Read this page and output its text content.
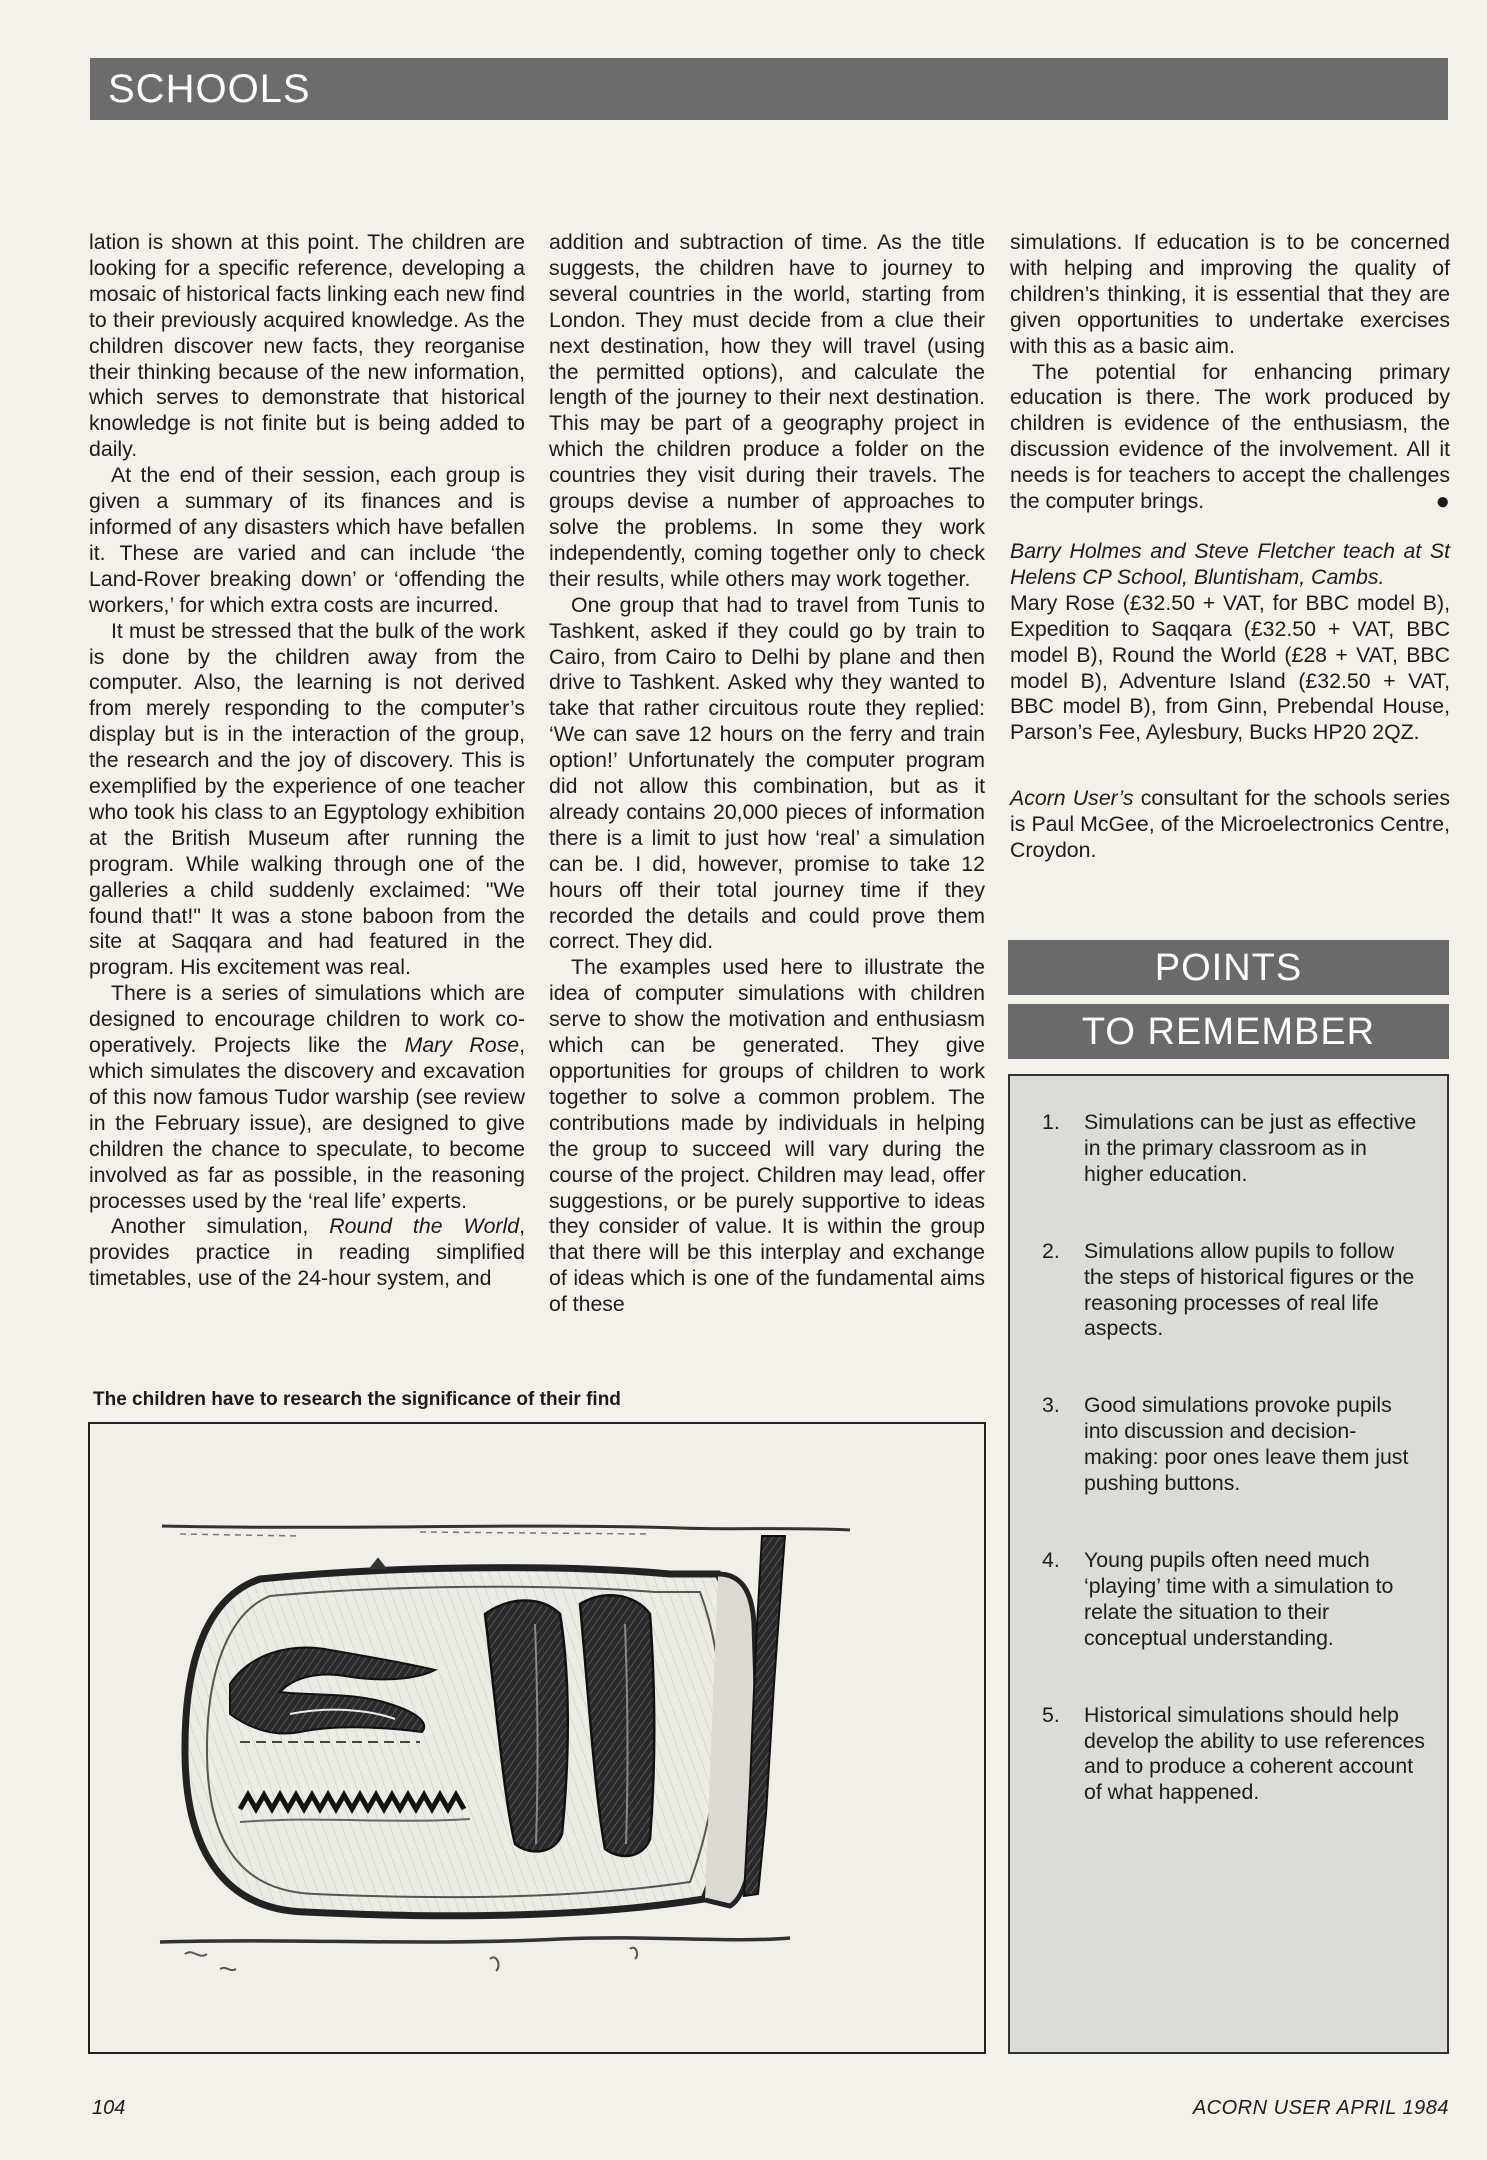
SCHOOLS

lation is shown at this point. The children are looking for a specific reference, developing a mosaic of historical facts linking each new find to their previously acquired knowledge. As the children discover new facts, they reorganise their thinking because of the new information, which serves to demonstrate that historical knowledge is not finite but is being added to daily.

At the end of their session, each group is given a summary of its finances and is informed of any disasters which have befallen it. These are varied and can include ‘the Land-Rover breaking down’ or ‘offending the workers,’ for which extra costs are incurred.

It must be stressed that the bulk of the work is done by the children away from the computer. Also, the learning is not derived from merely responding to the computer’s display but is in the interaction of the group, the research and the joy of discovery. This is exemplified by the experience of one teacher who took his class to an Egyptology exhibition at the British Museum after running the program. While walking through one of the galleries a child suddenly exclaimed: "We found that!" It was a stone baboon from the site at Saqqara and had featured in the program. His excitement was real.

There is a series of simulations which are designed to encourage children to work co-operatively. Projects like the Mary Rose, which simulates the discovery and excavation of this now famous Tudor warship (see review in the February issue), are designed to give children the chance to speculate, to become involved as far as possible, in the reasoning processes used by the ‘real life’ experts.

Another simulation, Round the World, provides practice in reading simplified timetables, use of the 24-hour system, and

addition and subtraction of time. As the title suggests, the children have to journey to several countries in the world, starting from London. They must decide from a clue their next destination, how they will travel (using the permitted options), and calculate the length of the journey to their next destination. This may be part of a geography project in which the children produce a folder on the countries they visit during their travels. The groups devise a number of approaches to solve the problems. In some they work independently, coming together only to check their results, while others may work together.

One group that had to travel from Tunis to Tashkent, asked if they could go by train to Cairo, from Cairo to Delhi by plane and then drive to Tashkent. Asked why they wanted to take that rather circuitous route they replied: ‘We can save 12 hours on the ferry and train option!’ Unfortunately the computer program did not allow this combination, but as it already contains 20,000 pieces of information there is a limit to just how ‘real’ a simulation can be. I did, however, promise to take 12 hours off their total journey time if they recorded the details and could prove them correct. They did.

The examples used here to illustrate the idea of computer simulations with children serve to show the motivation and enthusiasm which can be generated. They give opportunities for groups of children to work together to solve a common problem. The contributions made by individuals in helping the group to succeed will vary during the course of the project. Children may lead, offer suggestions, or be purely supportive to ideas they consider of value. It is within the group that there will be this interplay and exchange of ideas which is one of the fundamental aims of these

simulations. If education is to be concerned with helping and improving the quality of children’s thinking, it is essential that they are given opportunities to undertake exercises with this as a basic aim.

The potential for enhancing primary education is there. The work produced by children is evidence of the enthusiasm, the discussion evidence of the involvement. All it needs is for teachers to accept the challenges the computer brings.	●

Barry Holmes and Steve Fletcher teach at St Helens CP School, Bluntisham, Cambs.

Mary Rose (£32.50 + VAT, for BBC model B), Expedition to Saqqara (£32.50 + VAT, BBC model B), Round the World (£28 + VAT, BBC model B), Adventure Island (£32.50 + VAT, BBC model B), from Ginn, Prebendal House, Parson’s Fee, Aylesbury, Bucks HP20 2QZ.

Acorn User’s consultant for the schools series is Paul McGee, of the Microelectronics Centre, Croydon.

The children have to research the significance of their find
POINTS
TO REMEMBER
1. Simulations can be just as effective in the primary classroom as in higher education.
2. Simulations allow pupils to follow the steps of historical figures or the reasoning processes of real life aspects.
3. Good simulations provoke pupils into discussion and decision-making: poor ones leave them just pushing buttons.
4. Young pupils often need much ‘playing’ time with a simulation to relate the situation to their conceptual understanding.
5. Historical simulations should help develop the ability to use references and to produce a coherent account of what happened.
104	ACORN USER APRIL 1984
